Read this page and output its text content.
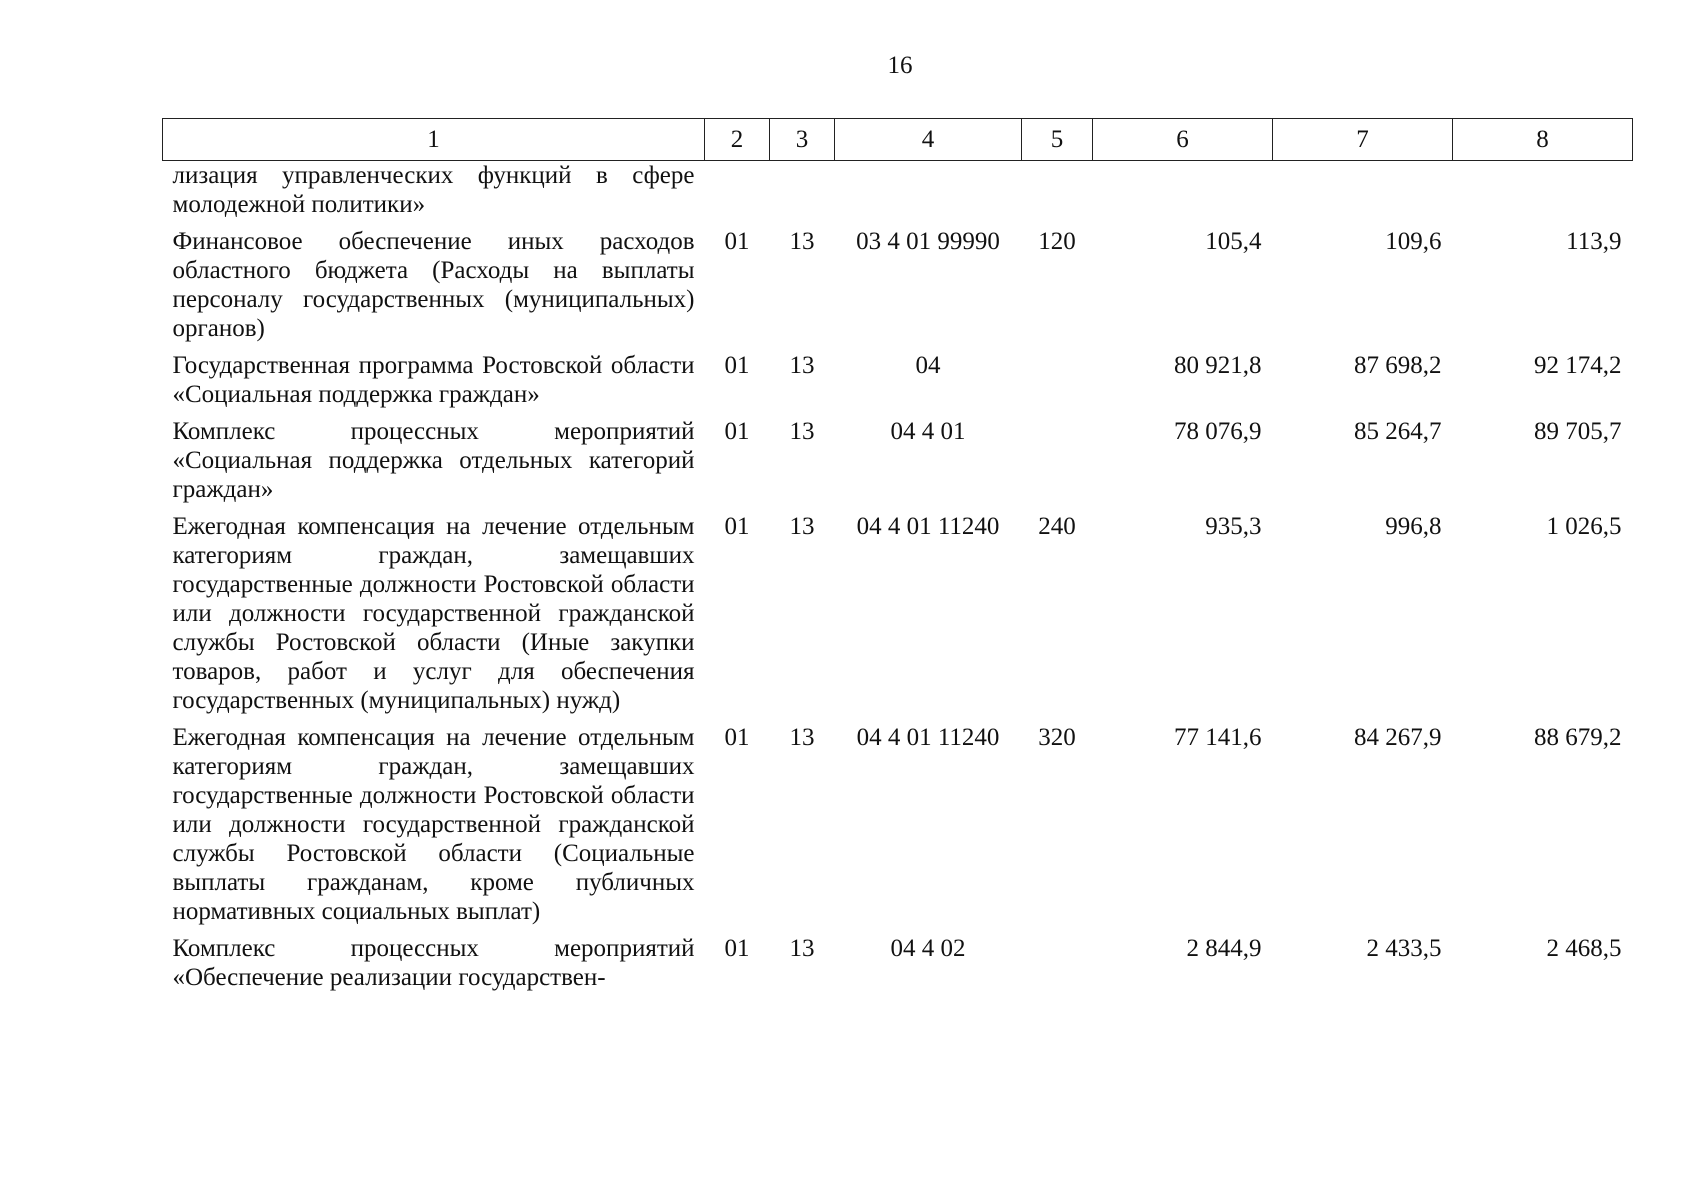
16
1	2	3	4	5	6	7	8
лизация управленческих функций в сфере молодежной политики»							
Финансовое обеспечение иных расходов областного бюджета (Расходы на выплаты персоналу государственных (муниципальных) органов)	01	13	03 4 01 99990	120	105,4	109,6	113,9
Государственная программа Ростовской области «Социальная поддержка граждан»	01	13	04		80 921,8	87 698,2	92 174,2
Комплекс процессных мероприятий «Социальная поддержка отдельных категорий граждан»	01	13	04 4 01		78 076,9	85 264,7	89 705,7
Ежегодная компенсация на лечение отдельным категориям граждан, замещавших государственные должности Ростовской области или должности государственной гражданской службы Ростовской области (Иные закупки товаров, работ и услуг для обеспечения государственных (муниципальных) нужд)	01	13	04 4 01 11240	240	935,3	996,8	1 026,5
Ежегодная компенсация на лечение отдельным категориям граждан, замещавших государственные должности Ростовской области или должности государственной гражданской службы Ростовской области (Социальные выплаты гражданам, кроме публичных нормативных социальных выплат)	01	13	04 4 01 11240	320	77 141,6	84 267,9	88 679,2
Комплекс процессных мероприятий «Обеспечение реализации государствен-	01	13	04 4 02		2 844,9	2 433,5	2 468,5
